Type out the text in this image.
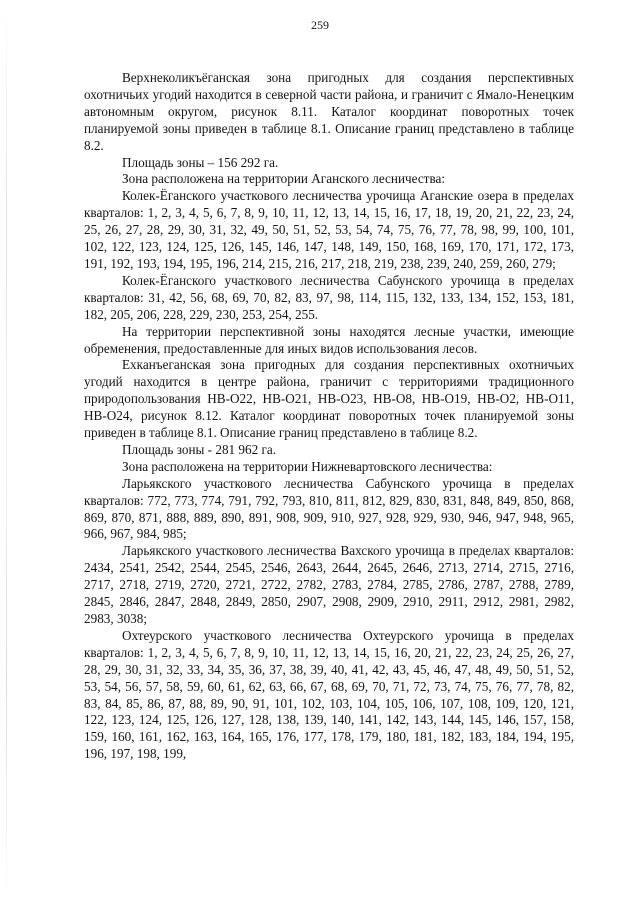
259

Верхнеколикъёганская зона пригодных для создания перспективных охотничьих угодий находится в северной части района, и граничит с Ямало-Ненецким автономным округом, рисунок 8.11. Каталог координат поворотных точек планируемой зоны приведен в таблице 8.1. Описание границ представлено в таблице 8.2.

Площадь зоны – 156 292 га.

Зона расположена на территории Аганского лесничества:

Колек-Ёганского участкового лесничества урочища Аганские озера в пределах кварталов: 1, 2, 3, 4, 5, 6, 7, 8, 9, 10, 11, 12, 13, 14, 15, 16, 17, 18, 19, 20, 21, 22, 23, 24, 25, 26, 27, 28, 29, 30, 31, 32, 49, 50, 51, 52, 53, 54, 74, 75, 76, 77, 78, 98, 99, 100, 101, 102, 122, 123, 124, 125, 126, 145, 146, 147, 148, 149, 150, 168, 169, 170, 171, 172, 173, 191, 192, 193, 194, 195, 196, 214, 215, 216, 217, 218, 219, 238, 239, 240, 259, 260, 279;

Колек-Ёганского участкового лесничества Сабунского урочища в пределах кварталов: 31, 42, 56, 68, 69, 70, 82, 83, 97, 98, 114, 115, 132, 133, 134, 152, 153, 181, 182, 205, 206, 228, 229, 230, 253, 254, 255.

На территории перспективной зоны находятся лесные участки, имеющие обременения, предоставленные для иных видов использования лесов.

Ехканъеганская зона пригодных для создания перспективных охотничьих угодий находится в центре района, граничит с территориями традиционного природопользования НВ-О22, НВ-О21, НВ-О23, НВ-О8, НВ-О19, НВ-О2, НВ-О11, НВ-О24, рисунок 8.12. Каталог координат поворотных точек планируемой зоны приведен в таблице 8.1. Описание границ представлено в таблице 8.2.

Площадь зоны - 281 962 га.

Зона расположена на территории Нижневартовского лесничества:

Ларьякского участкового лесничества Сабунского урочища в пределах кварталов: 772, 773, 774, 791, 792, 793, 810, 811, 812, 829, 830, 831, 848, 849, 850, 868, 869, 870, 871, 888, 889, 890, 891, 908, 909, 910, 927, 928, 929, 930, 946, 947, 948, 965, 966, 967, 984, 985;

Ларьякского участкового лесничества Вахского урочища в пределах кварталов: 2434, 2541, 2542, 2544, 2545, 2546, 2643, 2644, 2645, 2646, 2713, 2714, 2715, 2716, 2717, 2718, 2719, 2720, 2721, 2722, 2782, 2783, 2784, 2785, 2786, 2787, 2788, 2789, 2845, 2846, 2847, 2848, 2849, 2850, 2907, 2908, 2909, 2910, 2911, 2912, 2981, 2982, 2983, 3038;

Охтеурского участкового лесничества Охтеурского урочища в пределах кварталов: 1, 2, 3, 4, 5, 6, 7, 8, 9, 10, 11, 12, 13, 14, 15, 16, 20, 21, 22, 23, 24, 25, 26, 27, 28, 29, 30, 31, 32, 33, 34, 35, 36, 37, 38, 39, 40, 41, 42, 43, 45, 46, 47, 48, 49, 50, 51, 52, 53, 54, 56, 57, 58, 59, 60, 61, 62, 63, 66, 67, 68, 69, 70, 71, 72, 73, 74, 75, 76, 77, 78, 82, 83, 84, 85, 86, 87, 88, 89, 90, 91, 101, 102, 103, 104, 105, 106, 107, 108, 109, 120, 121, 122, 123, 124, 125, 126, 127, 128, 138, 139, 140, 141, 142, 143, 144, 145, 146, 157, 158, 159, 160, 161, 162, 163, 164, 165, 176, 177, 178, 179, 180, 181, 182, 183, 184, 194, 195, 196, 197, 198, 199,
